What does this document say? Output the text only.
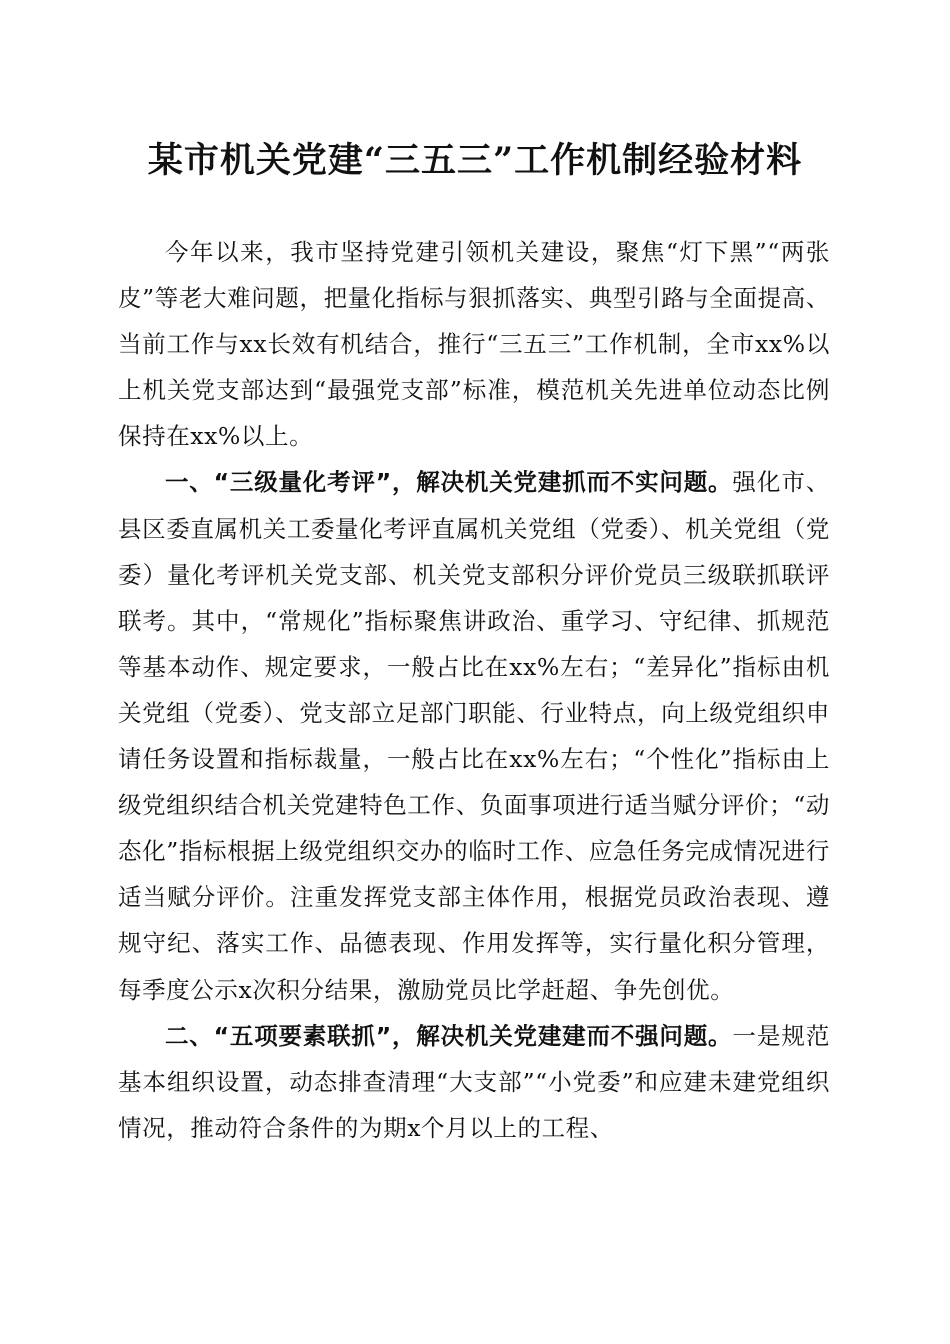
某市机关党建“三五三”工作机制经验材料

今年以来，我市坚持党建引领机关建设，聚焦“灯下黑”“两张皮”等老大难问题，把量化指标与狠抓落实、典型引路与全面提高、当前工作与xx长效有机结合，推行“三五三”工作机制，全市xx%以上机关党支部达到“最强党支部”标准，模范机关先进单位动态比例保持在xx%以上。

一、“三级量化考评”，解决机关党建抓而不实问题。强化市、县区委直属机关工委量化考评直属机关党组（党委）、机关党组（党委）量化考评机关党支部、机关党支部积分评价党员三级联抓联评联考。其中，“常规化”指标聚焦讲政治、重学习、守纪律、抓规范等基本动作、规定要求，一般占比在xx%左右；“差异化”指标由机关党组（党委）、党支部立足部门职能、行业特点，向上级党组织申请任务设置和指标裁量，一般占比在xx%左右；“个性化”指标由上级党组织结合机关党建特色工作、负面事项进行适当赋分评价；“动态化”指标根据上级党组织交办的临时工作、应急任务完成情况进行适当赋分评价。注重发挥党支部主体作用，根据党员政治表现、遵规守纪、落实工作、品德表现、作用发挥等，实行量化积分管理，每季度公示x次积分结果，激励党员比学赶超、争先创优。

二、“五项要素联抓”，解决机关党建建而不强问题。一是规范基本组织设置，动态排查清理“大支部”“小党委”和应建未建党组织情况，推动符合条件的为期x个月以上的工程、
